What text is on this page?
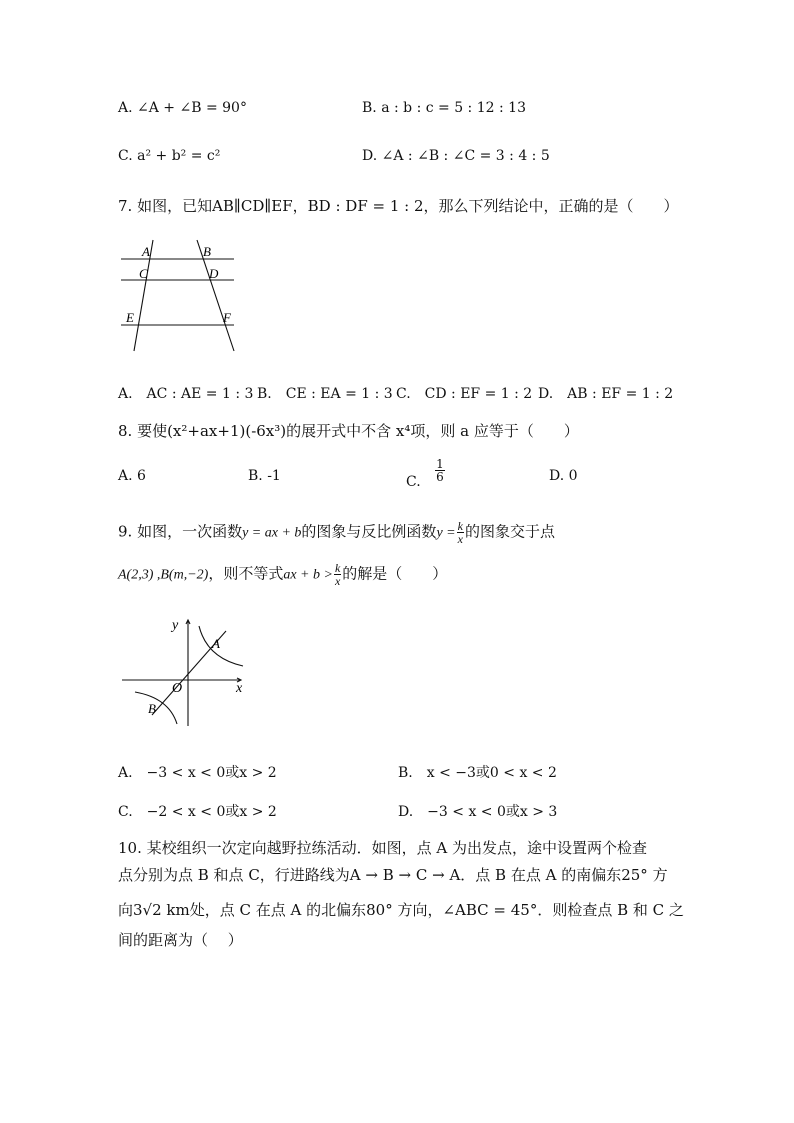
A. ∠A + ∠B = 90°	B. a : b : c = 5 : 12 : 13
C. a² + b² = c²	D. ∠A : ∠B : ∠C = 3 : 4 : 5
7. 如图，已知AB∥CD∥EF，BD : DF = 1 : 2，那么下列结论中，正确的是（　　）
A	B
C	D
E	F
A.　AC : AE = 1 : 3 B.　CE : EA = 1 : 3 C.　CD : EF = 1 : 2 D.　AB : EF = 1 : 2
8. 要使(x²+ax+1)(-6x³)的展开式中不含 x⁴项，则 a 应等于（　　）
A. 6	B. -1	C. $\frac{1}{6}$	D. 0
9. 如图，一次函数y = ax + b的图象与反比例函数$y = \frac{k}{x}$ 的图象交于点
A(2,3) ,B(m,−2)，则不等式ax + $b > \frac{k}{x}$ 的解是（　　）
y
x
O
A
B
A.　−3 < x < 0或x > 2	B.　x < −3或0 < x < 2
C.　−2 < x < 0或x > 2	D.　−3 < x < 0或x > 3
10. 某校组织一次定向越野拉练活动．如图，点 A 为出发点，途中设置两个检查
点分别为点 B 和点 C，行进路线为A → B → C → A．点 B 在点 A 的南偏东25° 方
向3√2 km处，点 C 在点 A 的北偏东80° 方向，∠ABC = 45°．则检查点 B 和 C 之
间的距离为（　 ）
